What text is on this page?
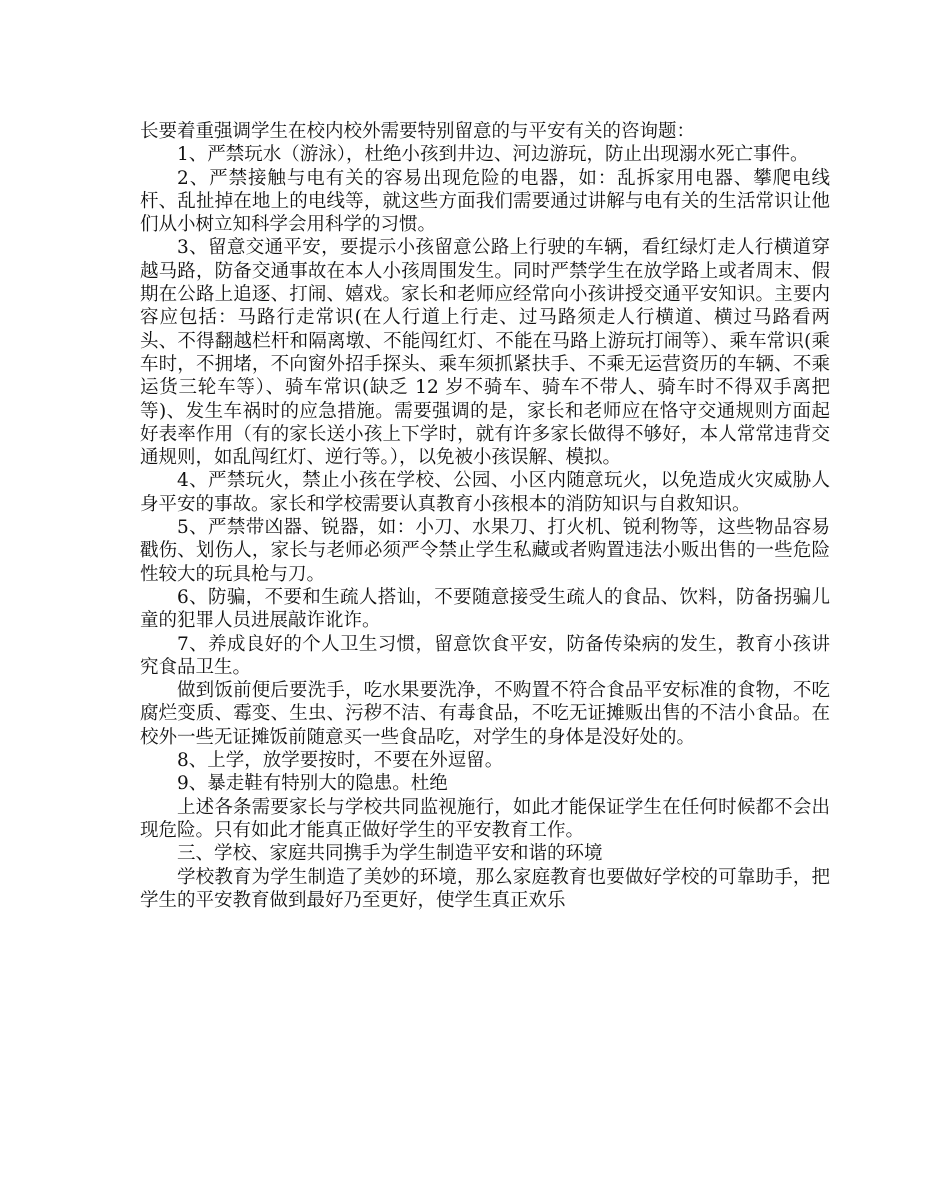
长要着重强调学生在校内校外需要特别留意的与平安有关的咨询题：

1、严禁玩水（游泳），杜绝小孩到井边、河边游玩，防止出现溺水死亡事件。

2、严禁接触与电有关的容易出现危险的电器，如：乱拆家用电器、攀爬电线杆、乱扯掉在地上的电线等，就这些方面我们需要通过讲解与电有关的生活常识让他们从小树立知科学会用科学的习惯。

3、留意交通平安，要提示小孩留意公路上行驶的车辆，看红绿灯走人行横道穿越马路，防备交通事故在本人小孩周围发生。同时严禁学生在放学路上或者周末、假期在公路上追逐、打闹、嬉戏。家长和老师应经常向小孩讲授交通平安知识。主要内容应包括：马路行走常识(在人行道上行走、过马路须走人行横道、横过马路看两头、不得翻越栏杆和隔离墩、不能闯红灯、不能在马路上游玩打闹等）、乘车常识(乘车时，不拥堵，不向窗外招手探头、乘车须抓紧扶手、不乘无运营资历的车辆、不乘运货三轮车等）、骑车常识(缺乏 12 岁不骑车、骑车不带人、骑车时不得双手离把等)、发生车祸时的应急措施。需要强调的是，家长和老师应在恪守交通规则方面起好表率作用（有的家长送小孩上下学时，就有许多家长做得不够好，本人常常违背交通规则，如乱闯红灯、逆行等。），以免被小孩误解、模拟。

4、严禁玩火，禁止小孩在学校、公园、小区内随意玩火，以免造成火灾威胁人身平安的事故。家长和学校需要认真教育小孩根本的消防知识与自救知识。

5、严禁带凶器、锐器，如：小刀、水果刀、打火机、锐利物等，这些物品容易戳伤、划伤人，家长与老师必须严令禁止学生私藏或者购置违法小贩出售的一些危险性较大的玩具枪与刀。

6、防骗，不要和生疏人搭讪，不要随意接受生疏人的食品、饮料，防备拐骗儿童的犯罪人员进展敲诈讹诈。

7、养成良好的个人卫生习惯，留意饮食平安，防备传染病的发生，教育小孩讲究食品卫生。

做到饭前便后要洗手，吃水果要洗净，不购置不符合食品平安标准的食物，不吃腐烂变质、霉变、生虫、污秽不洁、有毒食品，不吃无证摊贩出售的不洁小食品。在校外一些无证摊饭前随意买一些食品吃，对学生的身体是没好处的。

8、上学，放学要按时，不要在外逗留。

9、暴走鞋有特别大的隐患。杜绝

上述各条需要家长与学校共同监视施行，如此才能保证学生在任何时候都不会出现危险。只有如此才能真正做好学生的平安教育工作。

三、学校、家庭共同携手为学生制造平安和谐的环境

学校教育为学生制造了美妙的环境，那么家庭教育也要做好学校的可靠助手，把学生的平安教育做到最好乃至更好，使学生真正欢乐
